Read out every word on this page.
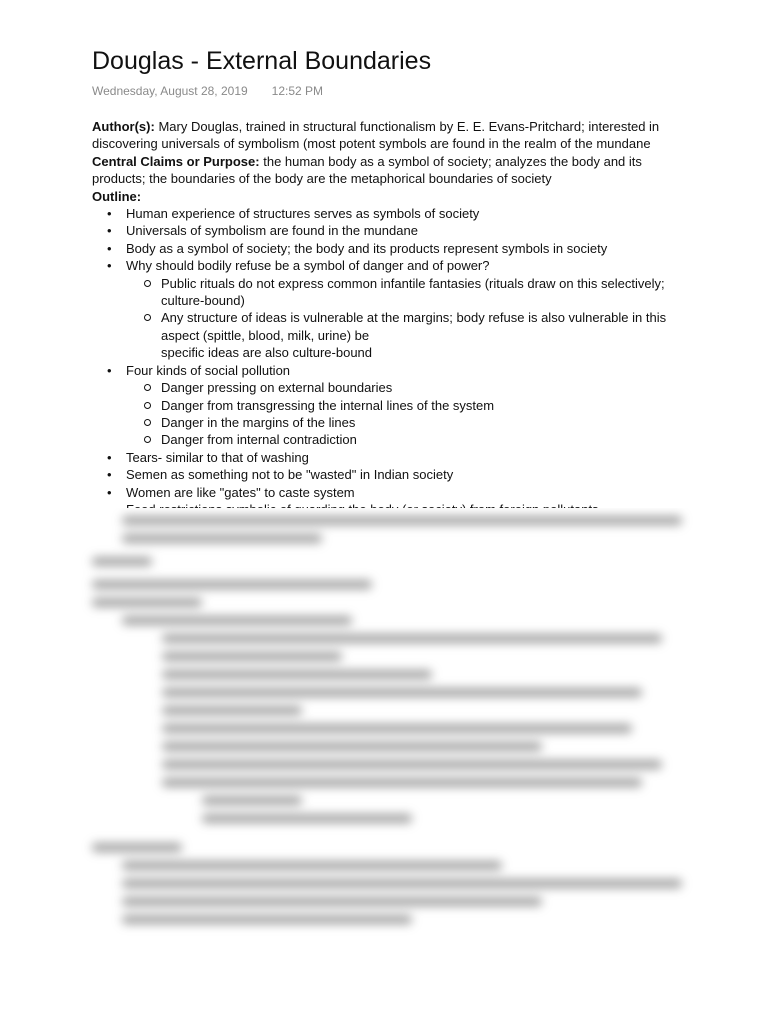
Douglas - External Boundaries
Wednesday, August 28, 2019 12:52 PM

Author(s): Mary Douglas, trained in structural functionalism by E. E. Evans-Pritchard; interested in discovering universals of symbolism (most potent symbols are found in the realm of the mundane

Central Claims or Purpose: the human body as a symbol of society; analyzes the body and its products; the boundaries of the body are the metaphorical boundaries of society

Outline:

• Human experience of structures serves as symbols of society
• Universals of symbolism are found in the mundane
• Body as a symbol of society; the body and its products represent symbols in society
• Why should bodily refuse be a symbol of danger and of power?
Public rituals do not express common infantile fantasies (rituals draw on this selectively; culture-bound)
Any structure of ideas is vulnerable at the margins; body refuse is also vulnerable in this aspect (spittle, blood, milk, urine) be
specific ideas are also culture-bound
• Four kinds of social pollution
Danger pressing on external boundaries
Danger from transgressing the internal lines of the system
Danger in the margins of the lines
Danger from internal contradiction
• Tears- similar to that of washing
• Semen as something not to be "wasted" in Indian society
• Women are like "gates" to caste system
•
